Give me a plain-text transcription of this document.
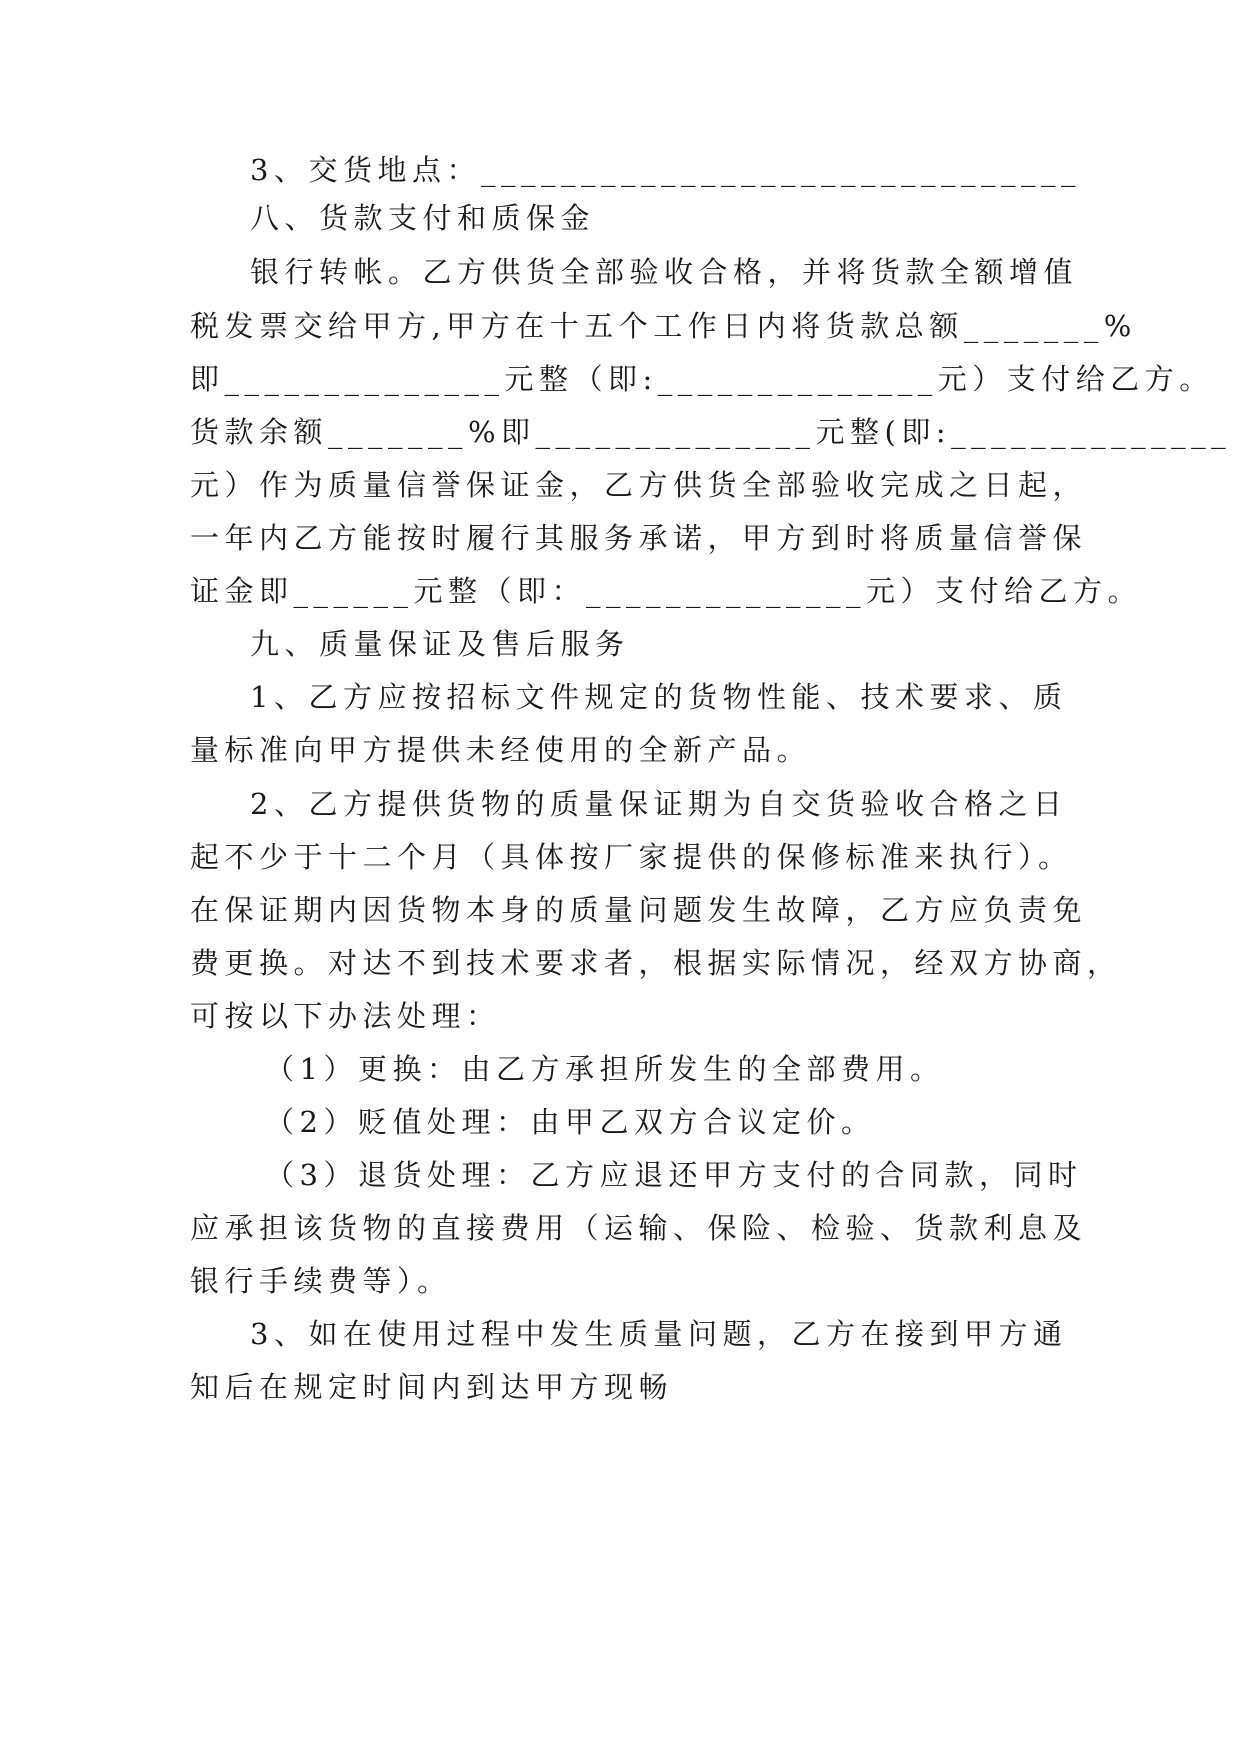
3、交货地点：______________________________
八、货款支付和质保金
银行转帐。乙方供货全部验收合格，并将货款全额增值
税发票交给甲方,甲方在十五个工作日内将货款总额_______%
即______________元整（即:______________元）支付给乙方。
货款余额_______%即______________元整(即:______________
元）作为质量信誉保证金，乙方供货全部验收完成之日起，
一年内乙方能按时履行其服务承诺，甲方到时将质量信誉保
证金即______元整（即：______________元）支付给乙方。
九、质量保证及售后服务
1、乙方应按招标文件规定的货物性能、技术要求、质
量标准向甲方提供未经使用的全新产品。
2、乙方提供货物的质量保证期为自交货验收合格之日
起不少于十二个月（具体按厂家提供的保修标准来执行）。
在保证期内因货物本身的质量问题发生故障，乙方应负责免
费更换。对达不到技术要求者，根据实际情况，经双方协商，
可按以下办法处理：
（1）更换：由乙方承担所发生的全部费用。
（2）贬值处理：由甲乙双方合议定价。
（3）退货处理：乙方应退还甲方支付的合同款，同时
应承担该货物的直接费用（运输、保险、检验、货款利息及
银行手续费等）。
3、如在使用过程中发生质量问题，乙方在接到甲方通
知后在规定时间内到达甲方现畅
